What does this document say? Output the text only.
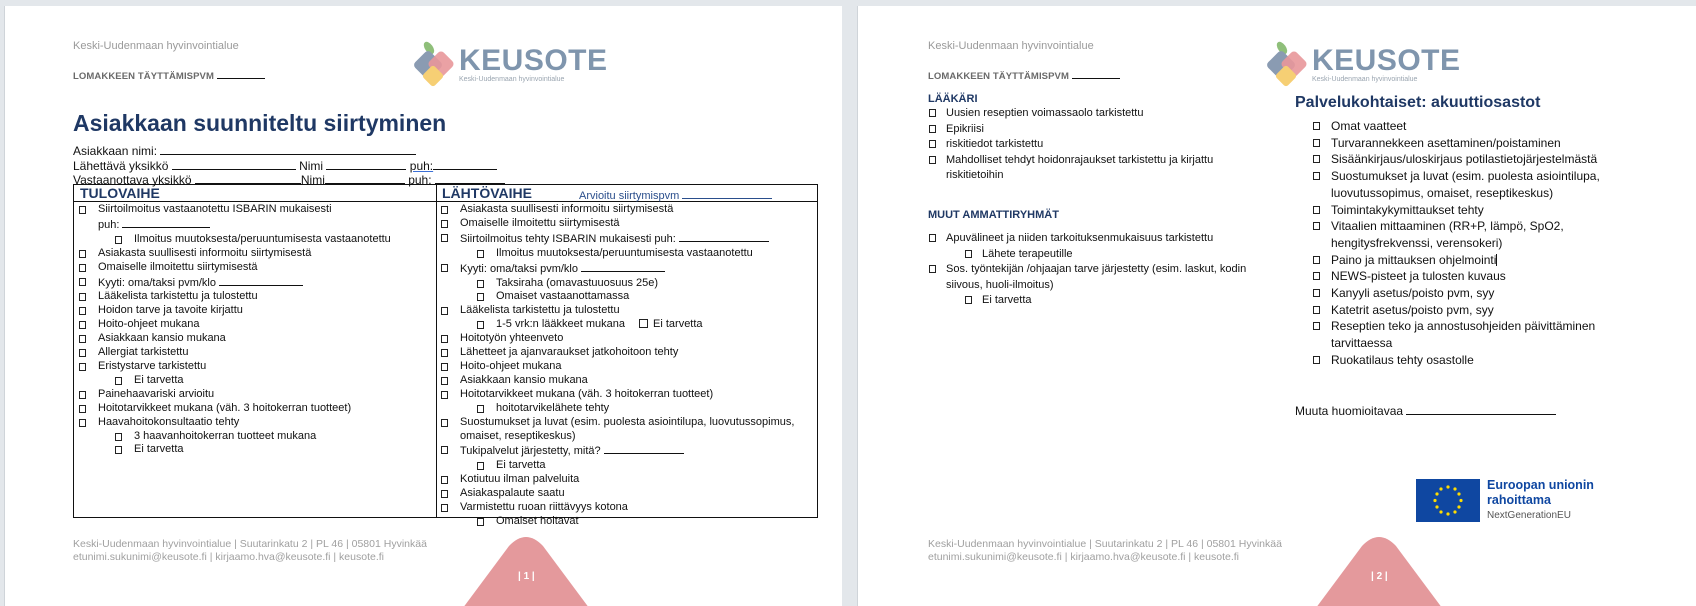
Keski-Uudenmaan hyvinvointialue
LOMAKKEEN TÄYTTÄMISPVM	KEUSOTE
Keski-Uudenmaan hyvinvointialue
Asiakkaan suunniteltu siirtyminen
Asiakkaan nimi:
Lähettävä yksikkö	Nimi	puh:
Vastaanottava yksikkö	Nimi	puh:
TULOVAIHE	LÄHTÖVAIHE	Arvioitu siirtymispvm
Siirtoilmoitus vastaanotettu ISBARIN mukaisesti
puh:
Ilmoitus muutoksesta/peruuntumisesta vastaanotettu
Asiakasta suullisesti informoitu siirtymisestä
Omaiselle ilmoitettu siirtymisestä
Kyyti: oma/taksi pvm/klo
Lääkelista tarkistettu ja tulostettu
Hoidon tarve ja tavoite kirjattu
Hoito-ohjeet mukana
Asiakkaan kansio mukana
Allergiat tarkistettu
Eristystarve tarkistettu
Ei tarvetta
Painehaavariski arvioitu
Hoitotarvikkeet mukana (väh. 3 hoitokerran tuotteet)
Haavahoitokonsultaatio tehty
3 haavanhoitokerran tuotteet mukana
Ei tarvetta
Asiakasta suullisesti informoitu siirtymisestä
Omaiselle ilmoitettu siirtymisestä
Siirtoilmoitus tehty ISBARIN mukaisesti puh:
Ilmoitus muutoksesta/peruuntumisesta vastaanotettu
Kyyti: oma/taksi pvm/klo
Taksiraha (omavastuuosuus 25e)
Omaiset vastaanottamassa
Lääkelista tarkistettu ja tulostettu
1-5 vrk:n lääkkeet mukana	Ei tarvetta
Hoitotyön yhteenveto
Lähetteet ja ajanvaraukset jatkohoitoon tehty
Hoito-ohjeet mukana
Asiakkaan kansio mukana
Hoitotarvikkeet mukana (väh. 3 hoitokerran tuotteet)
hoitotarvikelähete tehty
Suostumukset ja luvat (esim. puolesta asiointilupa, luovutussopimus, omaiset, reseptikeskus)
Tukipalvelut järjestetty, mitä?
Ei tarvetta
Kotiutuu ilman palveluita
Asiakaspalaute saatu
Varmistettu ruoan riittävyys kotona
Omaiset hoitavat
Keski-Uudenmaan hyvinvointialue | Suutarinkatu 2 | PL 46 | 05801 Hyvinkää
etunimi.sukunimi@keusote.fi | kirjaamo.hva@keusote.fi | keusote.fi
| 1 |
Keski-Uudenmaan hyvinvointialue
LOMAKKEEN TÄYTTÄMISPVM	KEUSOTE
Keski-Uudenmaan hyvinvointialue
LÄÄKÄRI
Uusien reseptien voimassaolo tarkistettu
Epikriisi
riskitiedot tarkistettu
Mahdolliset tehdyt hoidonrajaukset tarkistettu ja kirjattu riskitietoihin
MUUT AMMATTIRYHMÄT
Apuvälineet ja niiden tarkoituksenmukaisuus tarkistettu
Lähete terapeutille
Sos. työntekijän /ohjaajan tarve järjestetty (esim. laskut, kodin siivous, huoli-ilmoitus)
Ei tarvetta
Palvelukohtaiset: akuuttiosastot
Omat vaatteet
Turvarannekkeen asettaminen/poistaminen
Sisäänkirjaus/uloskirjaus potilastietojärjestelmästä
Suostumukset ja luvat (esim. puolesta asiointilupa, luovutussopimus, omaiset, reseptikeskus)
Toimintakykymittaukset tehty
Vitaalien mittaaminen (RR+P, lämpö, SpO2, hengitysfrekvenssi, verensokeri)
Paino ja mittauksen ohjelmointi
NEWS-pisteet ja tulosten kuvaus
Kanyyli asetus/poisto pvm, syy
Katetrit asetus/poisto pvm, syy
Reseptien teko ja annostusohjeiden päivittäminen tarvittaessa
Ruokatilaus tehty osastolle
Muuta huomioitavaa
Euroopan unionin
rahoittama
NextGenerationEU
Keski-Uudenmaan hyvinvointialue | Suutarinkatu 2 | PL 46 | 05801 Hyvinkää
etunimi.sukunimi@keusote.fi | kirjaamo.hva@keusote.fi | keusote.fi
| 2 |
